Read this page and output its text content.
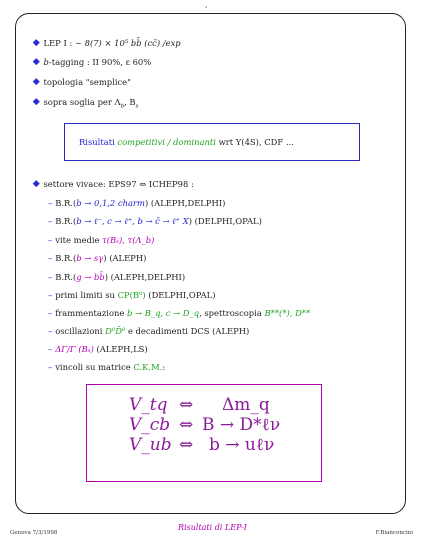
,
LEP I : ∼ 8(7) × 10⁵ bb̄ (cc̄) /exp
b-tagging : II 90%, ε 60%
topologia "semplice"
sopra soglia per $\Lambda_b$, $B_s$
Risultati competitivi / dominanti wrt Υ(4S), CDF ...
settore vivace: EPS97 ⇔ ICHEP98 :
– B.R.(b → 0,1,2 charm) (ALEPH,DELPHI)
– B.R.(b → ℓ⁻, c → ℓ⁺, b → c̄ → ℓ⁺ X) (DELPHI,OPAL)
– vite medie τ(Bₛ), τ(Λ_b)
– B.R.(b → sγ) (ALEPH)
– B.R.(g → bb̄) (ALEPH,DELPHI)
– primi limiti su CP(B⁰) (DELPHI,OPAL)
– frammentazione b → B_q, c → D_q, spettroscopia B**(*), D**
– oscillazioni D⁰D̄⁰ e decadimenti DCS (ALEPH)
– ΔΓ/Γ (Bₛ) (ALEPH,LS)
– vincoli su matrice C.K.M.:
V_tq ⇔ Δm_q
V_cb ⇔ B → D*ℓν
V_ub ⇔ b → uℓν
Genova 7/3/1998
Risultati di LEP-I
F.Bianconcini
